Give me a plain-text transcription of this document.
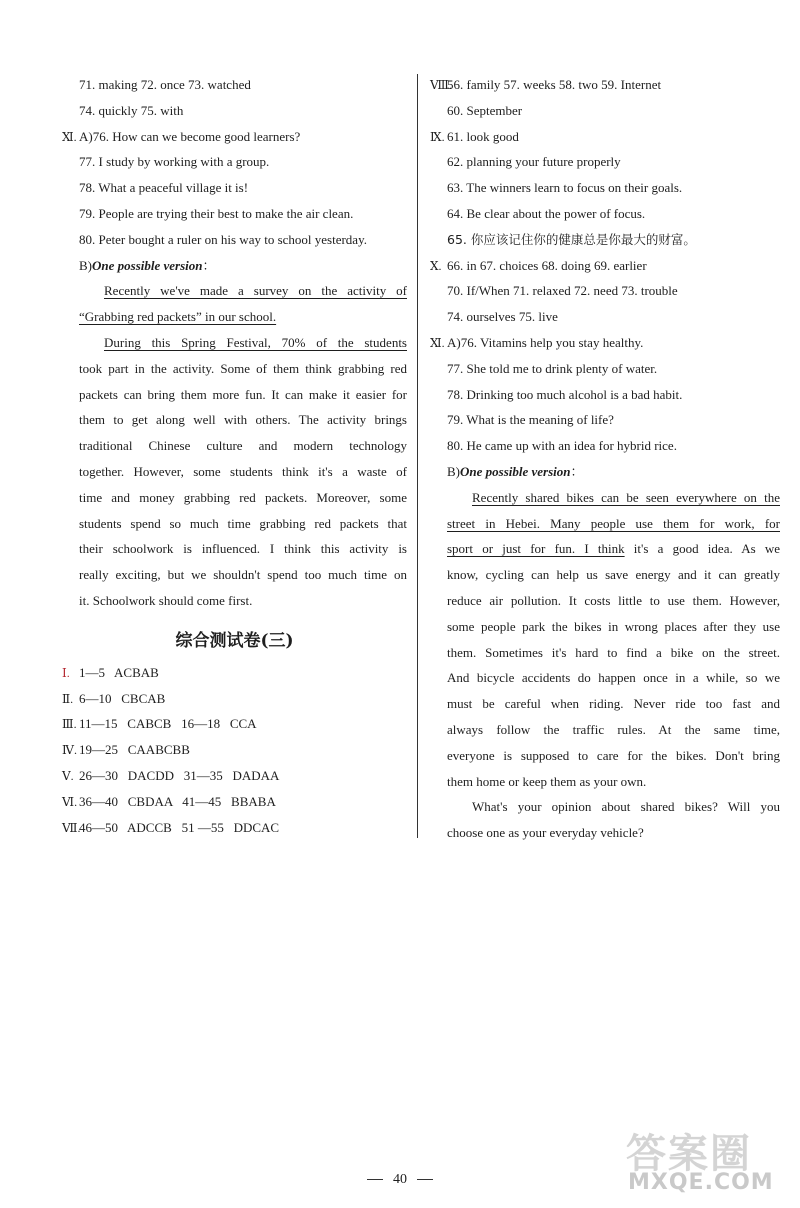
71. making 72. once 73. watched
74. quickly 75. with
Ⅺ. A)76. How can we become good learners?
77. I study by working with a group.
78. What a peaceful village it is!
79. People are trying their best to make the air clean.
80. Peter bought a ruler on his way to school yesterday.
B)One possible version：
Recently we've made a survey on the activity of
“Grabbing red packets” in our school.
During this Spring Festival, 70% of the students
took part in the activity. Some of them think grabbing red
packets can bring them more fun. It can make it easier for
them to get along well with others. The activity brings
traditional Chinese culture and modern technology
together. However, some students think it's a waste of
time and money grabbing red packets. Moreover, some
students spend so much time grabbing red packets that
their schoolwork is influenced. I think this activity is
really exciting, but we shouldn't spend too much time on
it. Schoolwork should come first.
综合测试卷(三)
Ⅰ. 1—5   ACBAB
Ⅱ. 6—10   CBCAB
Ⅲ. 11—15   CABCB   16—18   CCA
Ⅳ. 19—25   CAABCBB
Ⅴ. 26—30   DACDD   31—35   DADAA
Ⅵ. 36—40   CBDAA   41—45   BBABA
Ⅶ.46—50   ADCCB   51 —55   DDCAC
Ⅷ.56. family 57. weeks 58. two 59. Internet
60. September
Ⅸ. 61. look good
62. planning your future properly
63. The winners learn to focus on their goals.
64. Be clear about the power of focus.
65. 你应该记住你的健康总是你最大的财富。
Ⅹ. 66. in 67. choices 68. doing 69. earlier
70. If/When 71. relaxed 72. need 73. trouble
74. ourselves 75. live
Ⅺ. A)76. Vitamins help you stay healthy.
77. She told me to drink plenty of water.
78. Drinking too much alcohol is a bad habit.
79. What is the meaning of life?
80. He came up with an idea for hybrid rice.
B)One possible version：
Recently shared bikes can be seen everywhere on the
street in Hebei. Many people use them for work, for
sport or just for fun. I think it's a good idea. As we
know, cycling can help us save energy and it can greatly
reduce air pollution. It costs little to use them. However,
some people park the bikes in wrong places after they use
them. Sometimes it's hard to find a bike on the street.
And bicycle accidents do happen once in a while, so we
must be careful when riding. Never ride too fast and
always follow the traffic rules. At the same time,
everyone is supposed to care for the bikes. Don't bring
them home or keep them as your own.
What's your opinion about shared bikes? Will you
choose one as your everyday vehicle?
答案圈
MXQE.COM
40
